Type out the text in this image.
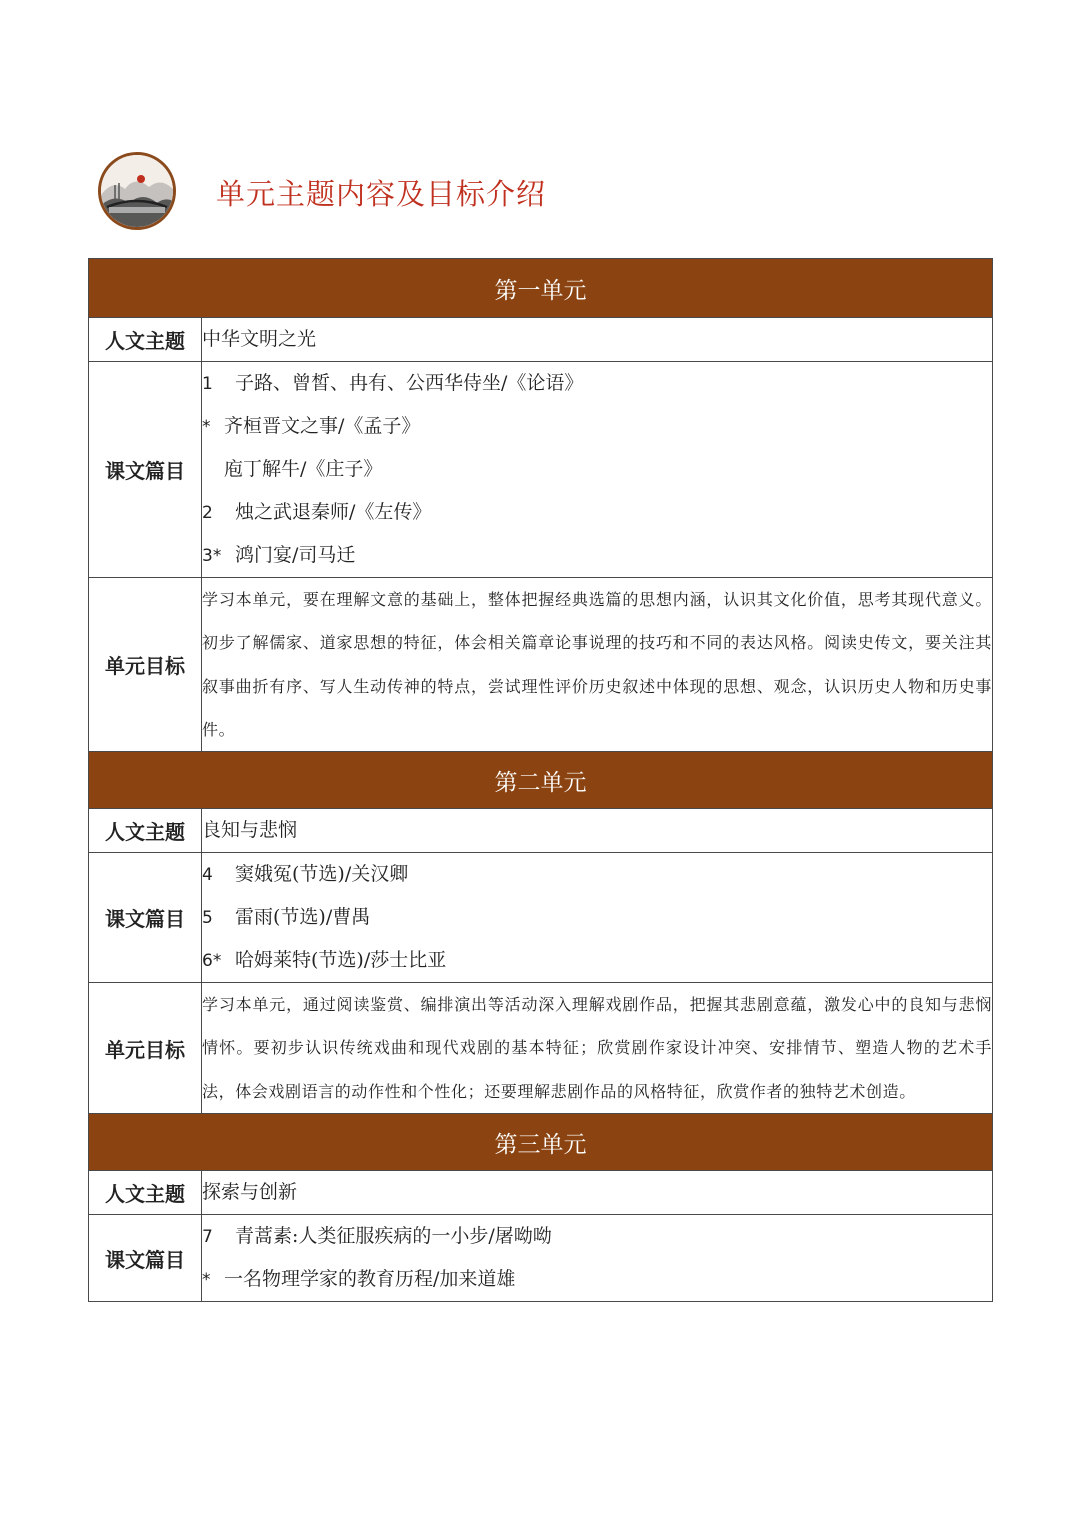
单元主题内容及目标介绍
第一单元	
人文主题	中华文明之光

课文篇目	1 子路、曾皙、冉有、公西华侍坐/《论语》
* 齐桓晋文之事/《孟子》
庖丁解牛/《庄子》
2 烛之武退秦师/《左传》
3* 鸿门宴/司马迁

单元目标	学习本单元，要在理解文意的基础上，整体把握经典选篇的思想内涵，认识其文化价值，思考其现代意义。初步了解儒家、道家思想的特征，体会相关篇章论事说理的技巧和不同的表达风格。阅读史传文，要关注其叙事曲折有序、写人生动传神的特点，尝试理性评价历史叙述中体现的思想、观念，认识历史人物和历史事件。

第二单元	
人文主题	良知与悲悯

课文篇目	4 窦娥冤(节选)/关汉卿
5 雷雨(节选)/曹禺
6* 哈姆莱特(节选)/莎士比亚

单元目标	学习本单元，通过阅读鉴赏、编排演出等活动深入理解戏剧作品，把握其悲剧意蕴，激发心中的良知与悲悯情怀。要初步认识传统戏曲和现代戏剧的基本特征；欣赏剧作家设计冲突、安排情节、塑造人物的艺术手法，体会戏剧语言的动作性和个性化；还要理解悲剧作品的风格特征，欣赏作者的独特艺术创造。

第三单元	
人文主题	探索与创新

课文篇目	7 青蒿素:人类征服疾病的一小步/屠呦呦
* 一名物理学家的教育历程/加来道雄
